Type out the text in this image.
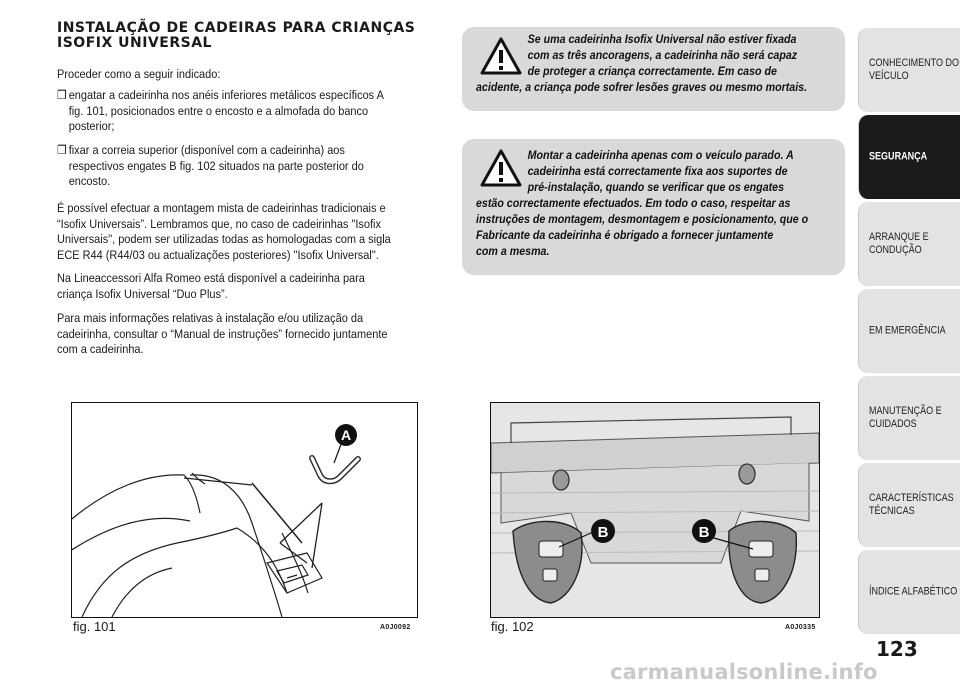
INSTALAÇÃO DE CADEIRAS PARA CRIANÇAS ISOFIX UNIVERSAL
Proceder como a seguir indicado:
❒ engatar a cadeirinha nos anéis inferiores metálicos específicos A
fig. 101, posicionados entre o encosto e a almofada do banco
posterior;
❒ fixar a correia superior (disponível com a cadeirinha) aos
respectivos engates B fig. 102 situados na parte posterior do
encosto.
É possível efectuar a montagem mista de cadeirinhas tradicionais e
“Isofix Universais”. Lembramos que, no caso de cadeirinhas "Isofix
Universais", podem ser utilizadas todas as homologadas com a sigla
ECE R44 (R44/03 ou actualizações posteriores) "Isofix Universal".
Na Lineaccessori Alfa Romeo está disponível a cadeirinha para
criança Isofix Universal “Duo Plus”.
Para mais informações relativas à instalação e/ou utilização da
cadeirinha, consultar o “Manual de instruções” fornecido juntamente
com a cadeirinha.
Se uma cadeirinha Isofix Universal não estiver fixada
com as três ancoragens, a cadeirinha não será capaz
de proteger a criança correctamente. Em caso de
acidente, a criança pode sofrer lesões graves ou mesmo mortais.
Montar a cadeirinha apenas com o veículo parado. A
cadeirinha está correctamente fixa aos suportes de
pré-instalação, quando se verificar que os engates
estão correctamente efectuados. Em todo o caso, respeitar as
instruções de montagem, desmontagem e posicionamento, que o
Fabricante da cadeirinha é obrigado a fornecer juntamente
com a mesma.
A
fig. 101	A0J0092
B	B
fig. 102	A0J0335
CONHECIMENTO DO
VEÍCULO
SEGURANÇA
ARRANQUE E
CONDUÇÃO
EM EMERGÊNCIA
MANUTENÇÃO E
CUIDADOS
CARACTERÍSTICAS
TÉCNICAS
ÍNDICE ALFABÉTICO
123
carmanualsonline.info
